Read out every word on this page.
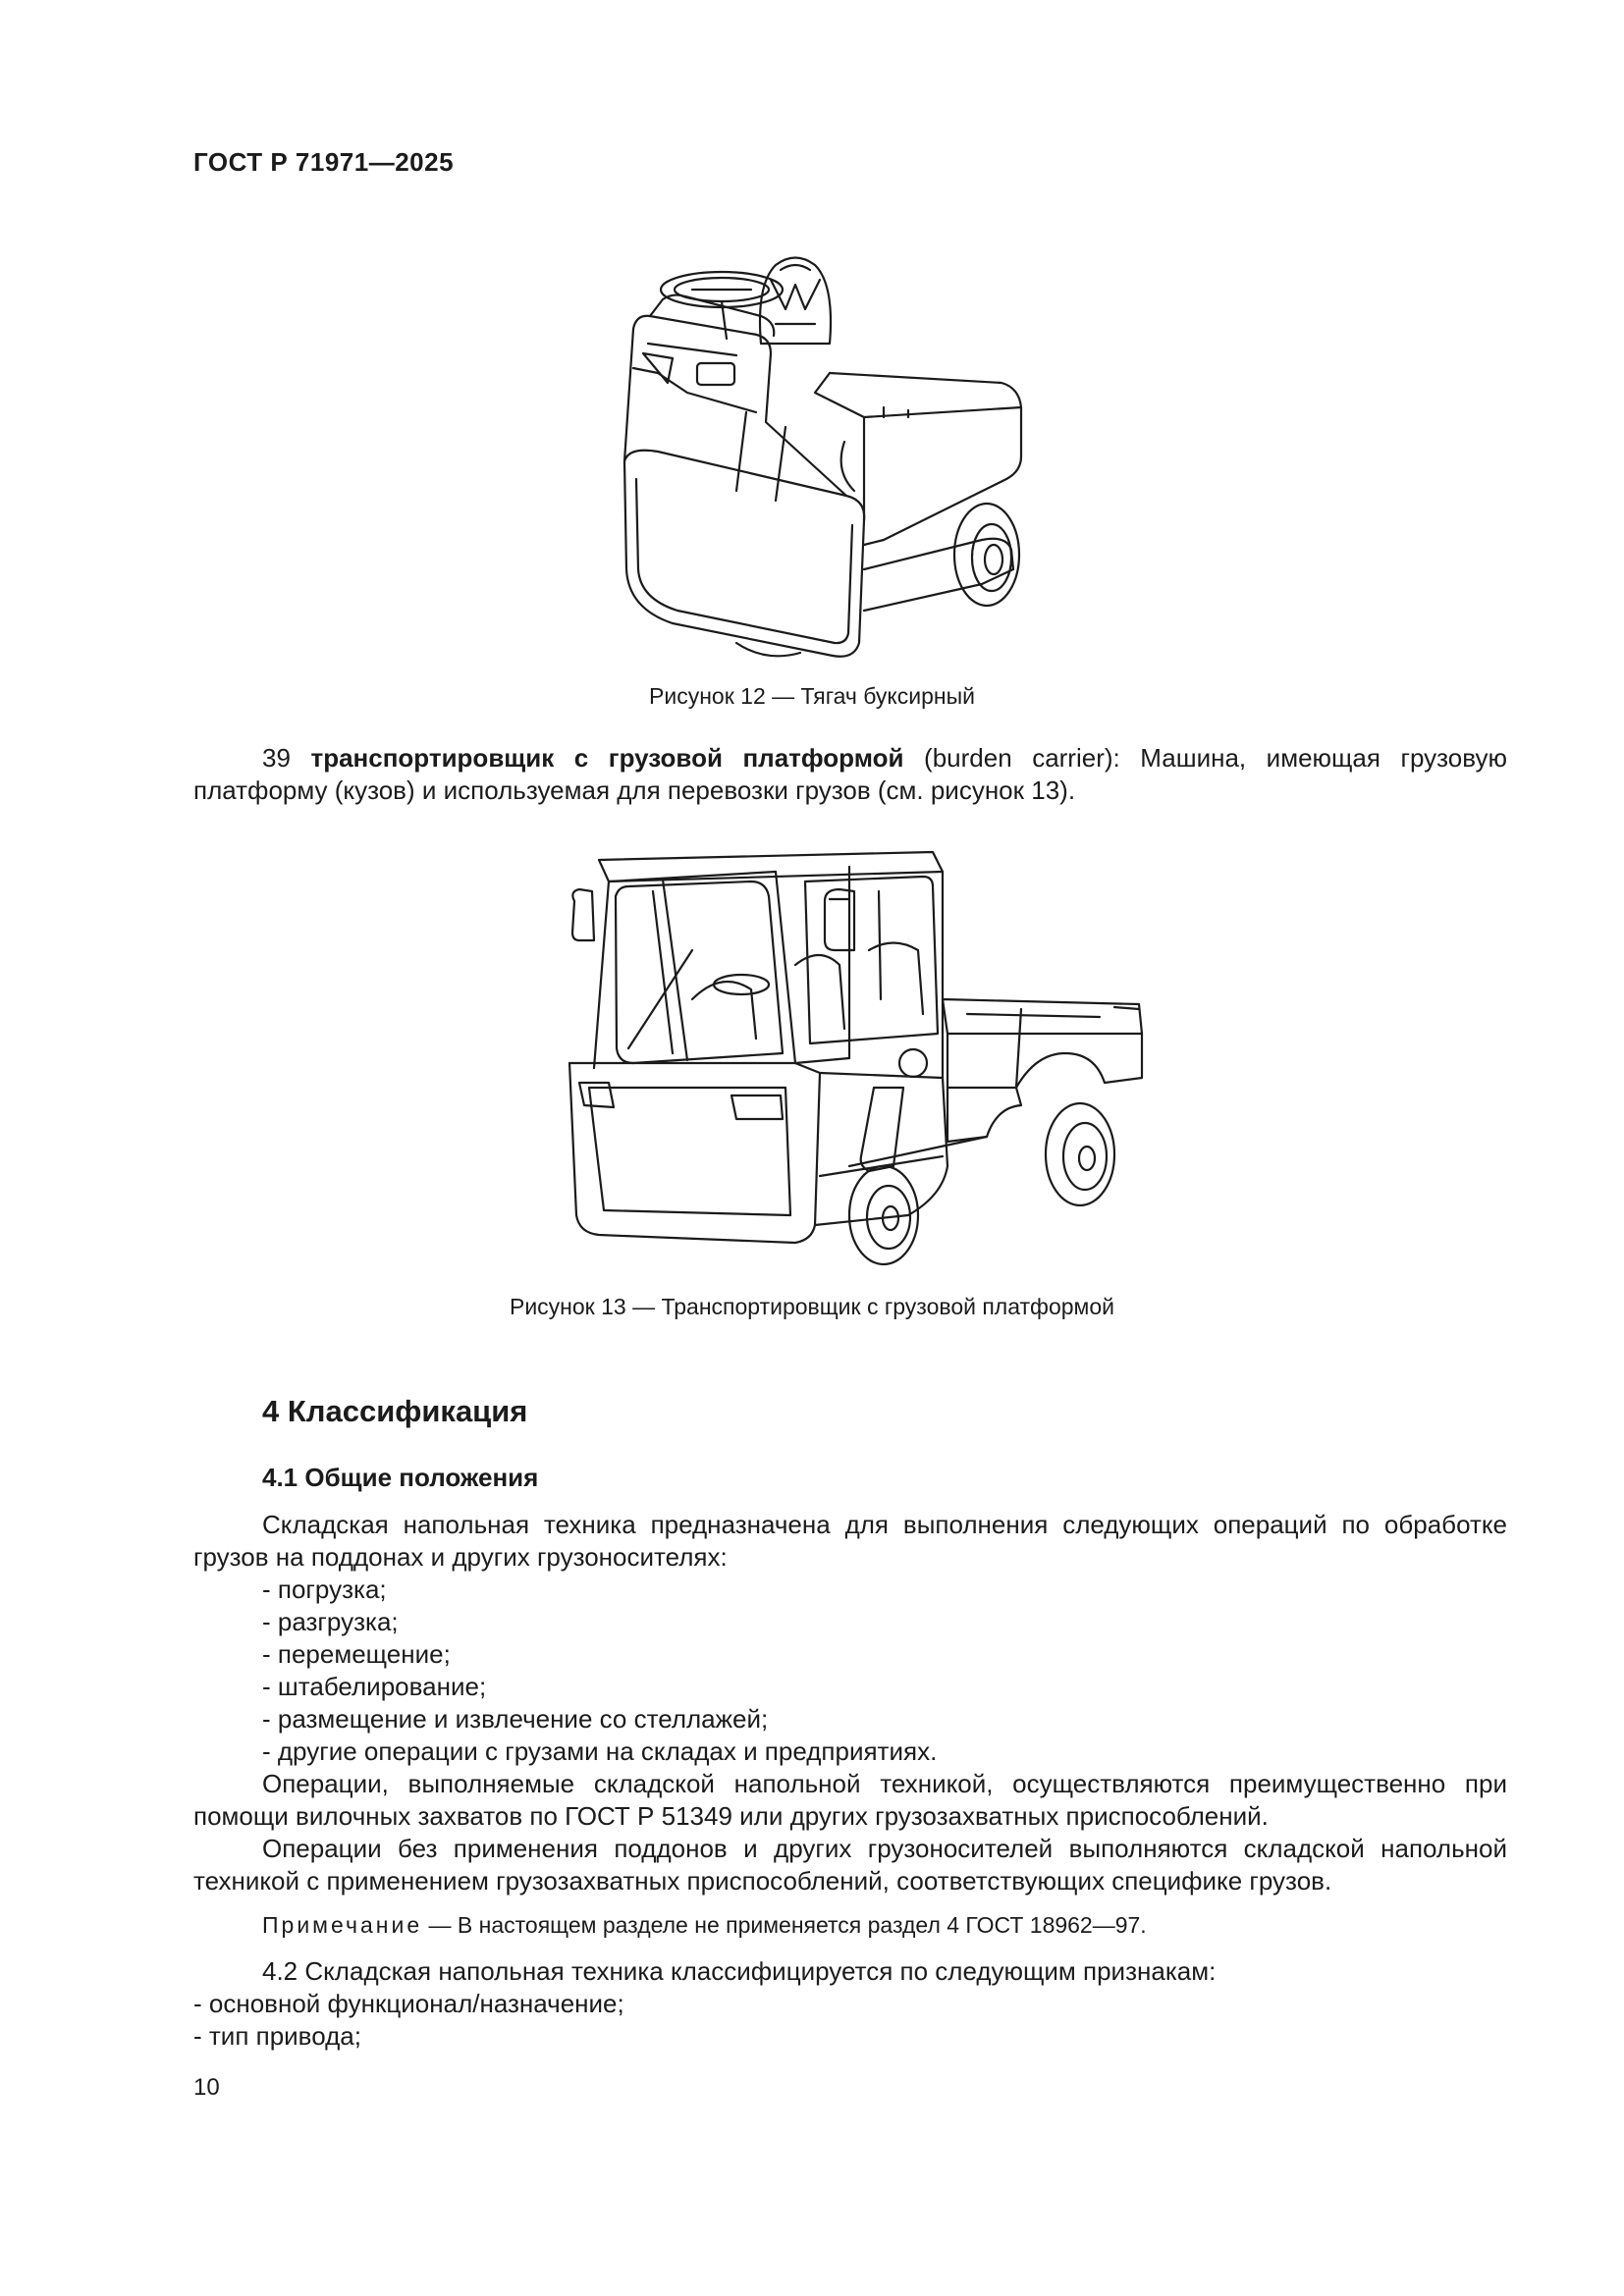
ГОСТ Р 71971—2025
Рисунок 12 — Тягач буксирный
39 транспортировщик с грузовой платформой (burden carrier): Машина, имеющая грузовую платформу (кузов) и используемая для перевозки грузов (см. рисунок 13).
Рисунок 13 — Транспортировщик с грузовой платформой
4 Классификация
4.1 Общие положения

Складская напольная техника предназначена для выполнения следующих операций по обработке грузов на поддонах и других грузоносителях:

- погрузка;

- разгрузка;

- перемещение;

- штабелирование;

- размещение и извлечение со стеллажей;

- другие операции с грузами на складах и предприятиях.

Операции, выполняемые складской напольной техникой, осуществляются преимущественно при помощи вилочных захватов по ГОСТ Р 51349 или других грузозахватных приспособлений.

Операции без применения поддонов и других грузоносителей выполняются складской напольной техникой с применением грузозахватных приспособлений, соответствующих специфике грузов.

Примечание — В настоящем разделе не применяется раздел 4 ГОСТ 18962—97.

4.2 Складская напольная техника классифицируется по следующим признакам:

- основной функционал/назначение;

- тип привода;

10
